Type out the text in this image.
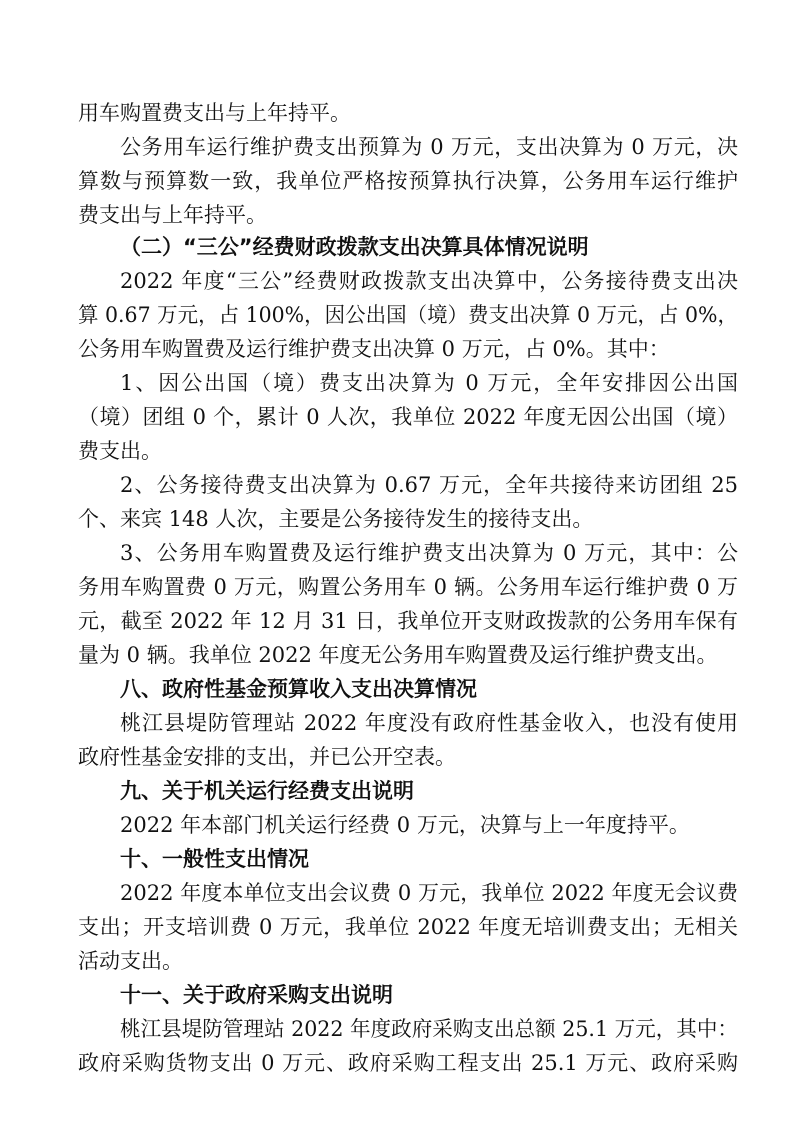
用车购置费支出与上年持平。
公务用车运行维护费支出预算为 0 万元，支出决算为 0 万元，决
算数与预算数一致，我单位严格按预算执行决算，公务用车运行维护
费支出与上年持平。
（二）“三公”经费财政拨款支出决算具体情况说明
2022 年度“三公”经费财政拨款支出决算中，公务接待费支出决
算 0.67 万元，占 100%，因公出国（境）费支出决算 0 万元，占 0%，
公务用车购置费及运行维护费支出决算 0 万元，占 0%。其中：
1、因公出国（境）费支出决算为 0 万元，全年安排因公出国
（境）团组 0 个，累计 0 人次，我单位 2022 年度无因公出国（境）
费支出。
2、公务接待费支出决算为 0.67 万元，全年共接待来访团组 25
个、来宾 148 人次，主要是公务接待发生的接待支出。
3、公务用车购置费及运行维护费支出决算为 0 万元，其中：公
务用车购置费 0 万元，购置公务用车 0 辆。公务用车运行维护费 0 万
元，截至 2022 年 12 月 31 日，我单位开支财政拨款的公务用车保有
量为 0 辆。我单位 2022 年度无公务用车购置费及运行维护费支出。
八、政府性基金预算收入支出决算情况
桃江县堤防管理站 2022 年度没有政府性基金收入，也没有使用
政府性基金安排的支出，并已公开空表。
九、关于机关运行经费支出说明
2022 年本部门机关运行经费 0 万元，决算与上一年度持平。
十、一般性支出情况
2022 年度本单位支出会议费 0 万元，我单位 2022 年度无会议费
支出；开支培训费 0 万元，我单位 2022 年度无培训费支出；无相关
活动支出。
十一、关于政府采购支出说明
桃江县堤防管理站 2022 年度政府采购支出总额 25.1 万元，其中：
政府采购货物支出 0 万元、政府采购工程支出 25.1 万元、政府采购
